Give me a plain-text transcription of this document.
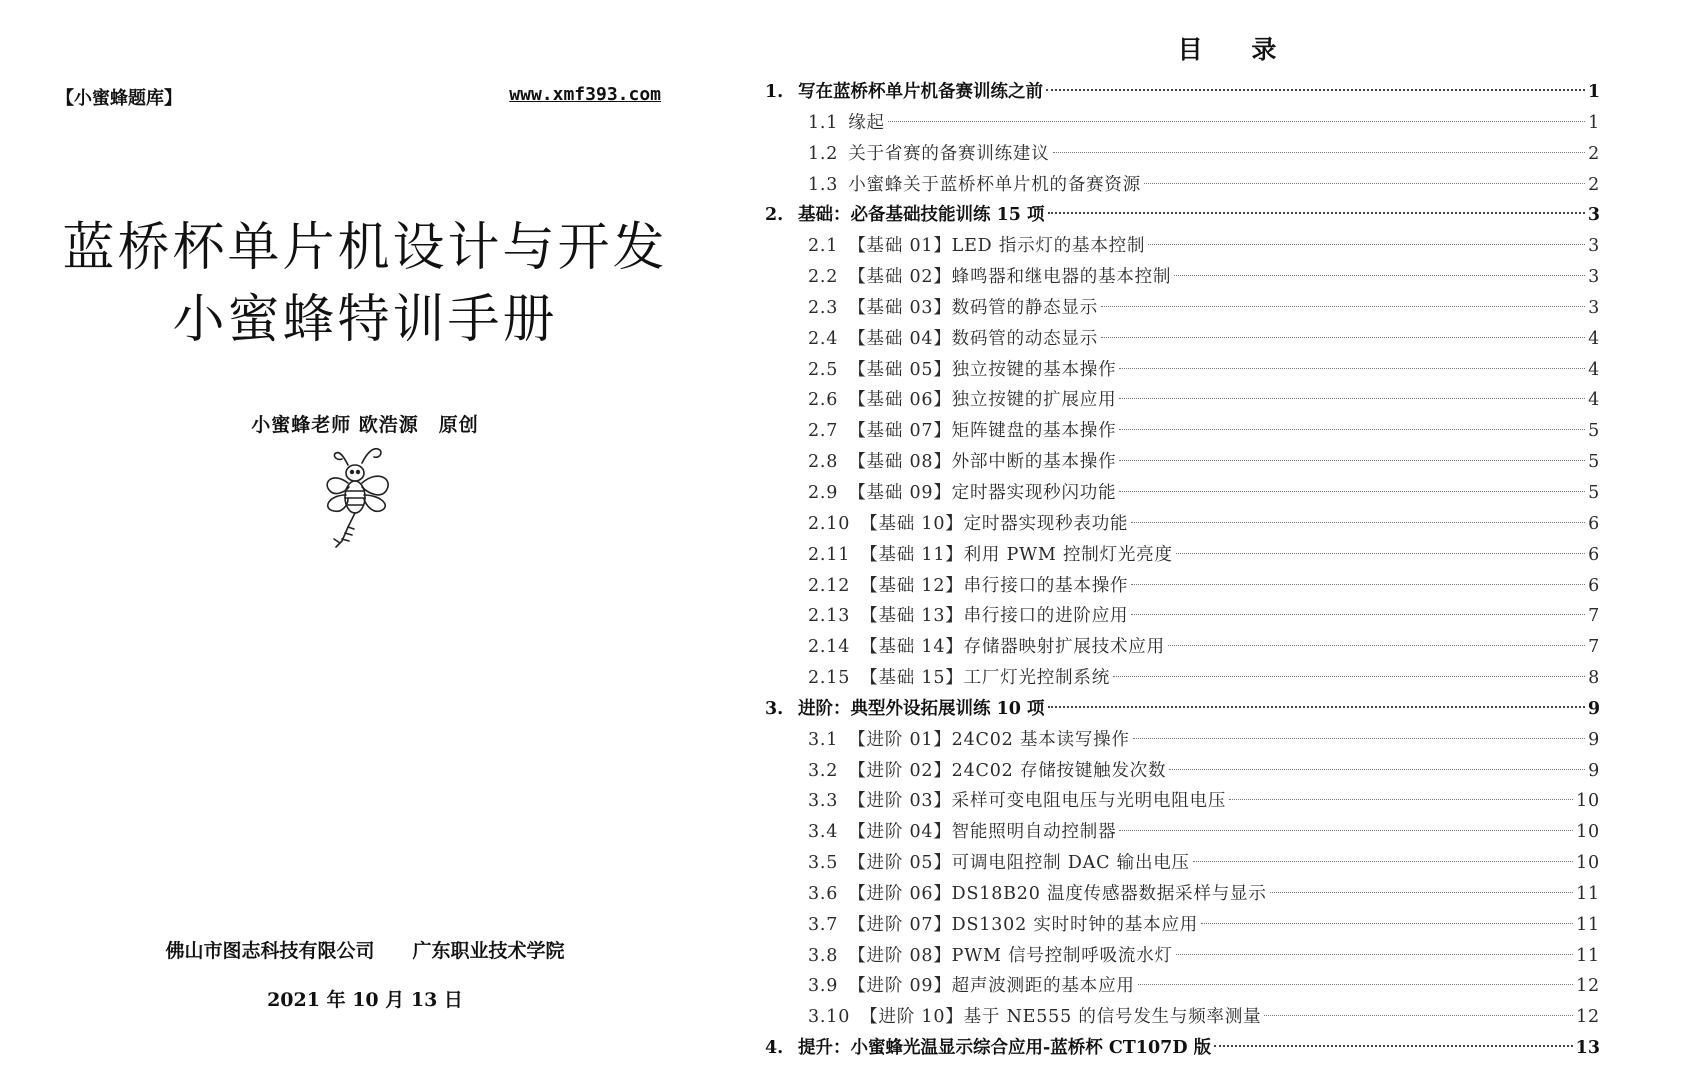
【小蜜蜂题库】	www.xmf393.com
蓝桥杯单片机设计与开发
小蜜蜂特训手册
小蜜蜂老师 欧浩源　原创
佛山市图志科技有限公司　　广东职业技术学院
2021 年 10 月 13 日
目 录
1. 写在蓝桥杯单片机备赛训练之前	1
1.1 缘起	1
1.2 关于省赛的备赛训练建议	2
1.3 小蜜蜂关于蓝桥杯单片机的备赛资源	2
2. 基础：必备基础技能训练 15 项	3
2.1 【基础 01】LED 指示灯的基本控制	3
2.2 【基础 02】蜂鸣器和继电器的基本控制	3
2.3 【基础 03】数码管的静态显示	3
2.4 【基础 04】数码管的动态显示	4
2.5 【基础 05】独立按键的基本操作	4
2.6 【基础 06】独立按键的扩展应用	4
2.7 【基础 07】矩阵键盘的基本操作	5
2.8 【基础 08】外部中断的基本操作	5
2.9 【基础 09】定时器实现秒闪功能	5
2.10 【基础 10】定时器实现秒表功能	6
2.11 【基础 11】利用 PWM 控制灯光亮度	6
2.12 【基础 12】串行接口的基本操作	6
2.13 【基础 13】串行接口的进阶应用	7
2.14 【基础 14】存储器映射扩展技术应用	7
2.15 【基础 15】工厂灯光控制系统	8
3. 进阶：典型外设拓展训练 10 项	9
3.1 【进阶 01】24C02 基本读写操作	9
3.2 【进阶 02】24C02 存储按键触发次数	9
3.3 【进阶 03】采样可变电阻电压与光明电阻电压	10
3.4 【进阶 04】智能照明自动控制器	10
3.5 【进阶 05】可调电阻控制 DAC 输出电压	10
3.6 【进阶 06】DS18B20 温度传感器数据采样与显示	11
3.7 【进阶 07】DS1302 实时时钟的基本应用	11
3.8 【进阶 08】PWM 信号控制呼吸流水灯	11
3.9 【进阶 09】超声波测距的基本应用	12
3.10 【进阶 10】基于 NE555 的信号发生与频率测量	12
4. 提升：小蜜蜂光温显示综合应用-蓝桥杯 CT107D 版	13
